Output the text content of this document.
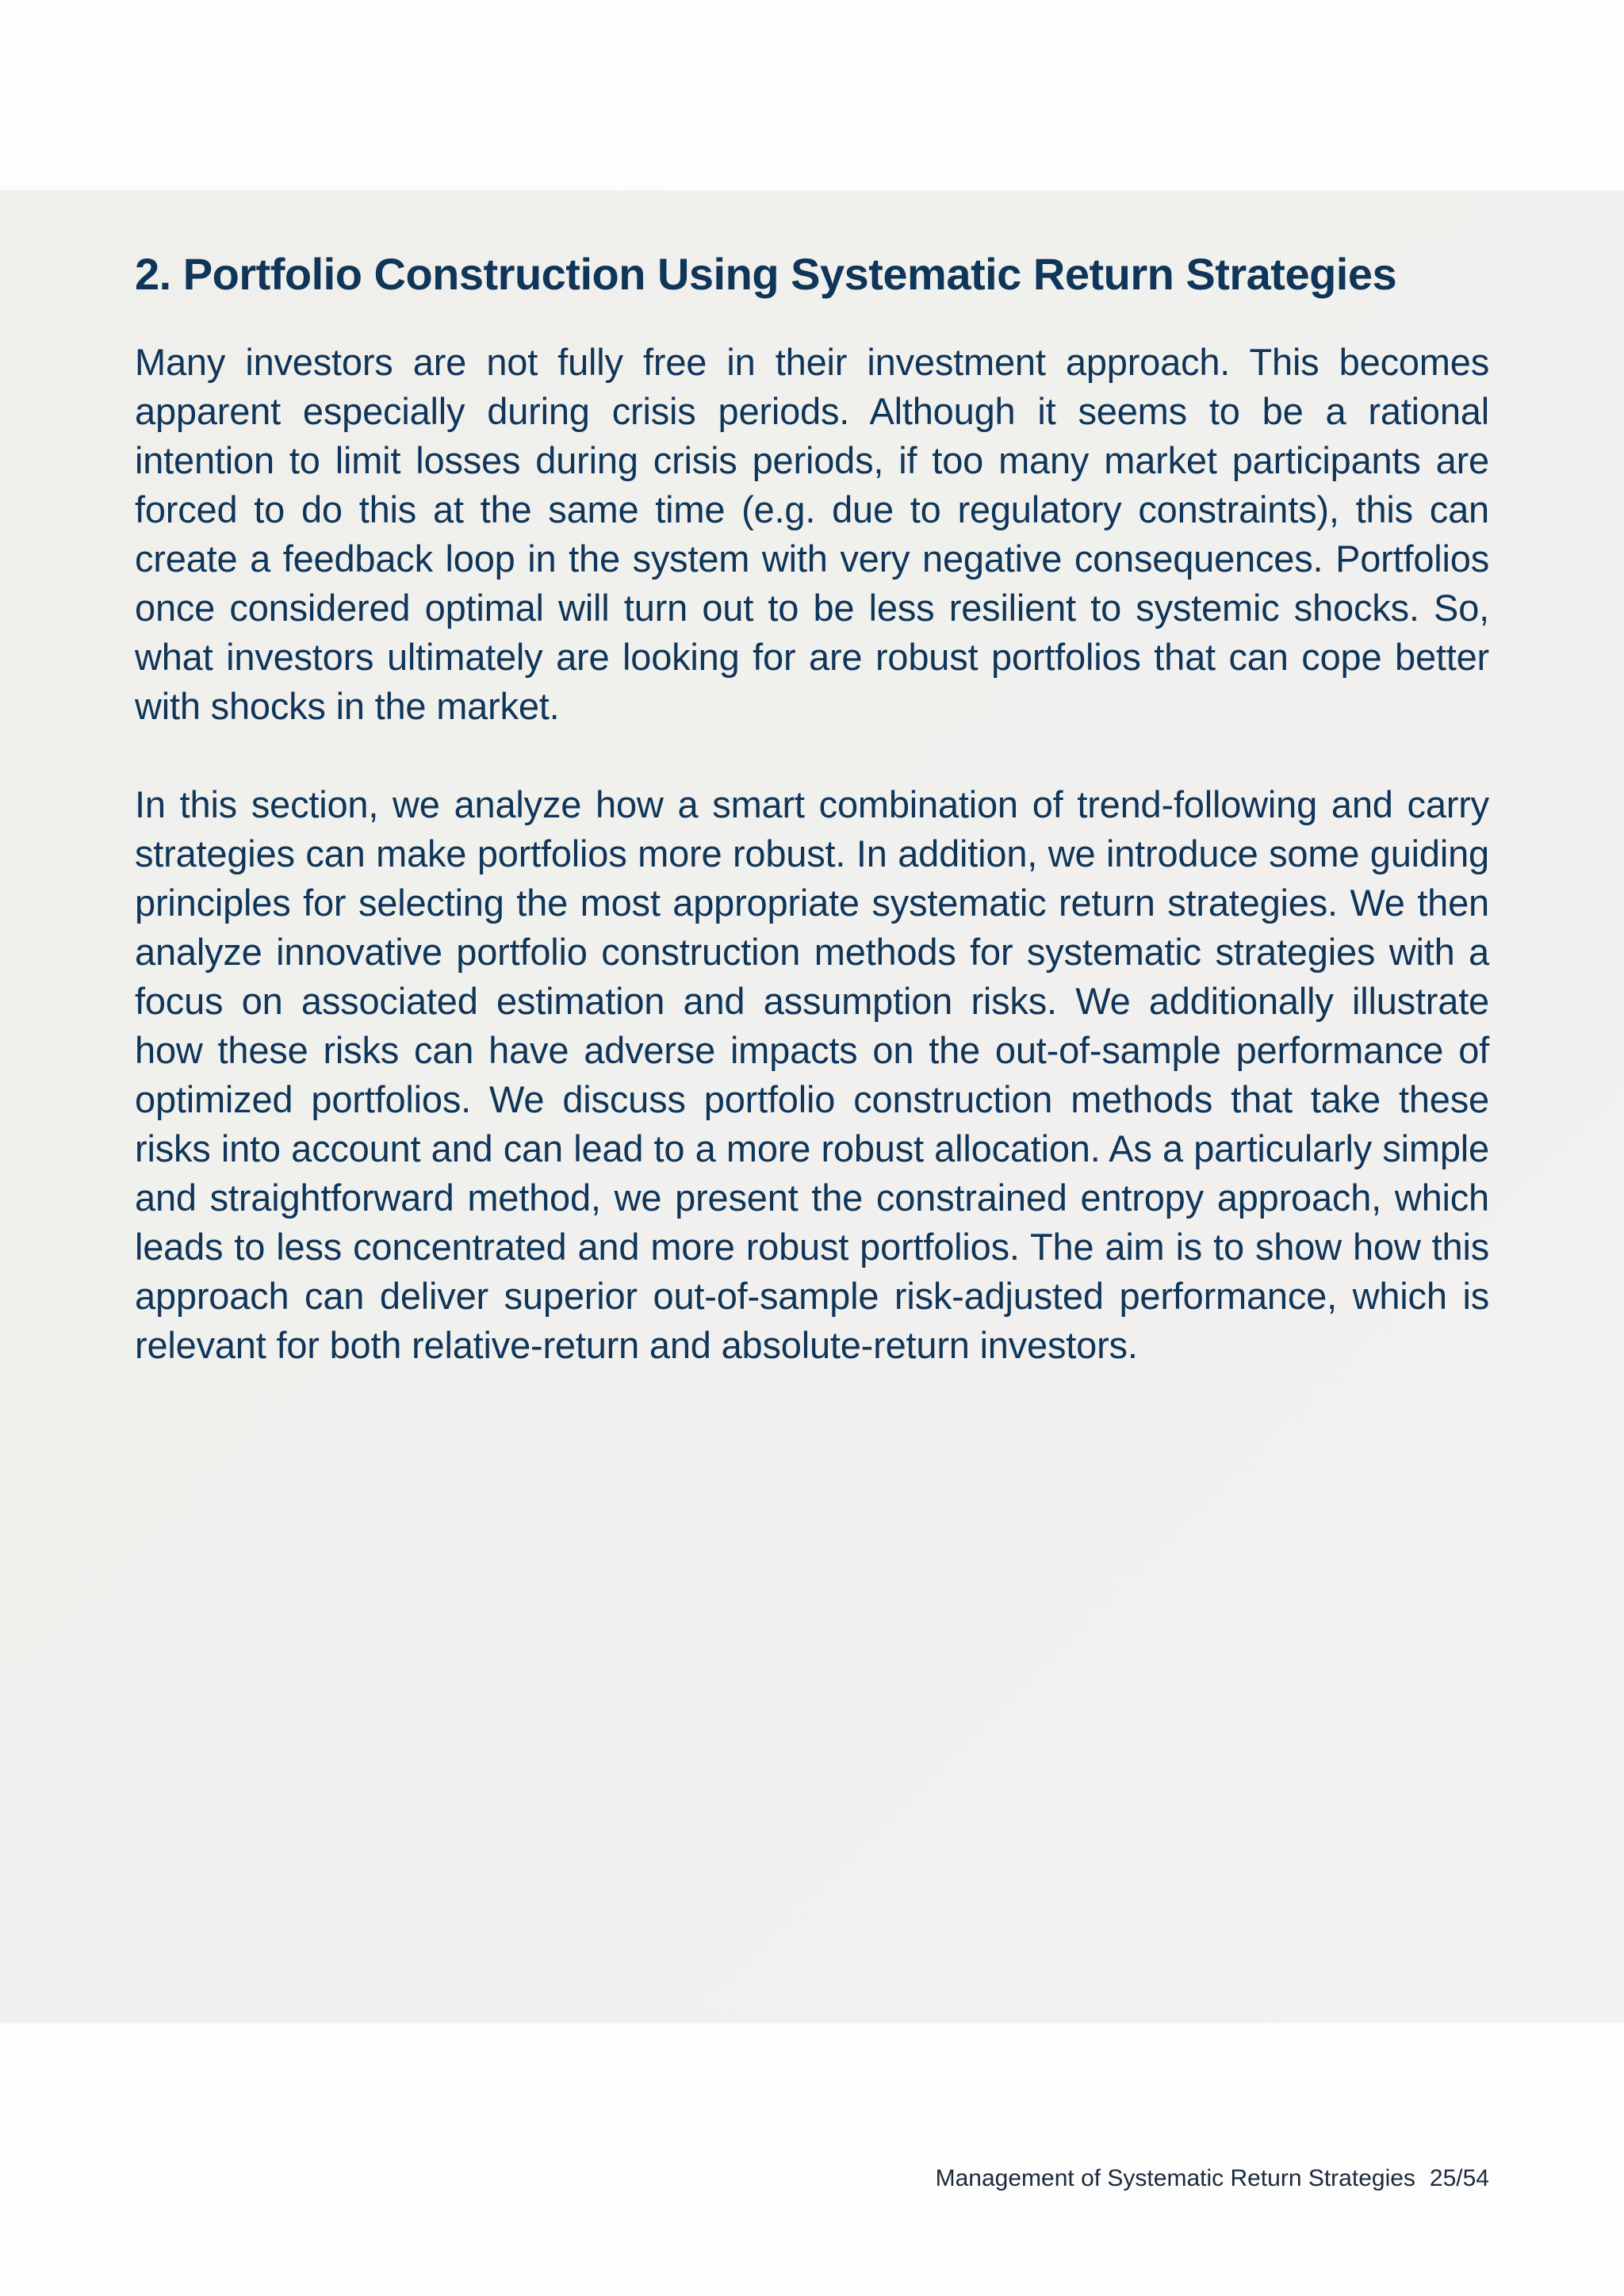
2. Portfolio Construction Using Systematic Return Strategies

Many investors are not fully free in their investment approach. This becomes apparent especially during crisis periods. Although it seems to be a rational intention to limit losses during crisis periods, if too many market participants are forced to do this at the same time (e.g. due to regulatory constraints), this can create a feedback loop in the system with very negative consequences. Portfolios once considered optimal will turn out to be less resilient to systemic shocks. So, what investors ultimately are looking for are robust portfolios that can cope better with shocks in the market.

In this section, we analyze how a smart combination of trend-following and carry strategies can make portfolios more robust. In addition, we introduce some guiding principles for selecting the most appropriate systematic return strategies. We then analyze innovative portfolio construction methods for systematic strategies with a focus on associated estimation and assumption risks. We additionally illustrate how these risks can have adverse impacts on the out-of-sample performance of optimized portfolios. We discuss portfolio construction methods that take these risks into account and can lead to a more robust allocation. As a particularly simple and straightforward method, we present the constrained entropy approach, which leads to less concentrated and more robust portfolios. The aim is to show how this approach can deliver superior out-of-sample risk-adjusted performance, which is relevant for both relative-return and absolute-return investors.

Management of Systematic Return Strategies 25/54
